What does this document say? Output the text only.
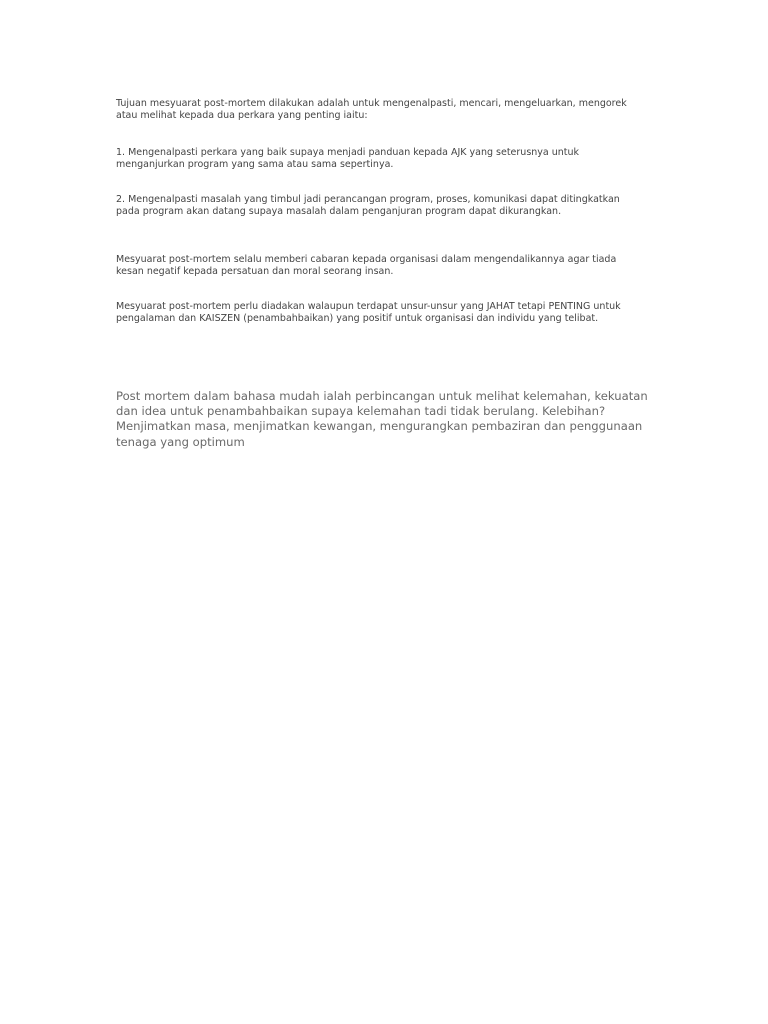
Tujuan mesyuarat post-mortem dilakukan adalah untuk mengenalpasti, mencari, mengeluarkan, mengorek atau melihat kepada dua perkara yang penting iaitu:

1. Mengenalpasti perkara yang baik supaya menjadi panduan kepada AJK yang seterusnya untuk menganjurkan program yang sama atau sama sepertinya.

2. Mengenalpasti masalah yang timbul jadi perancangan program, proses, komunikasi dapat ditingkatkan pada program akan datang supaya masalah dalam penganjuran program dapat dikurangkan.

Mesyuarat post-mortem selalu memberi cabaran kepada organisasi dalam mengendalikannya agar tiada kesan negatif kepada persatuan dan moral seorang insan.

Mesyuarat post-mortem perlu diadakan walaupun terdapat unsur-unsur yang JAHAT tetapi PENTING untuk pengalaman dan KAISZEN (penambahbaikan) yang positif untuk organisasi dan individu yang telibat.

Post mortem dalam bahasa mudah ialah perbincangan untuk melihat kelemahan, kekuatan dan idea untuk penambahbaikan supaya kelemahan tadi tidak berulang. Kelebihan? Menjimatkan masa, menjimatkan kewangan, mengurangkan pembaziran dan penggunaan tenaga yang optimum
